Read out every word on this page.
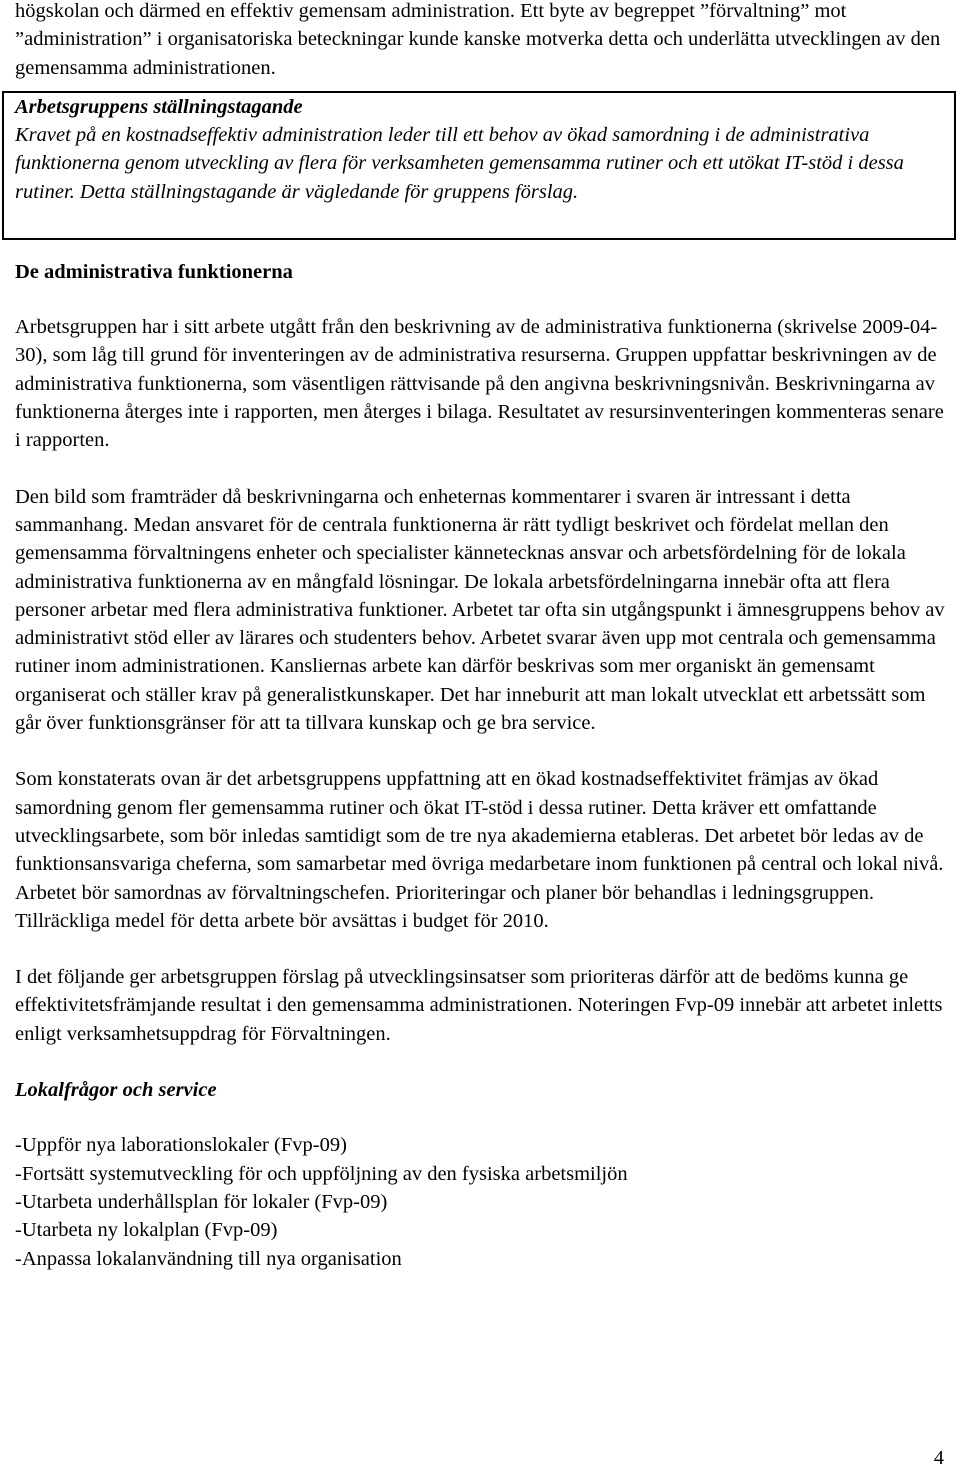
högskolan och därmed en effektiv gemensam administration. Ett byte av begreppet ”förvaltning” mot ”administration” i organisatoriska beteckningar kunde kanske motverka detta och underlätta utvecklingen av den gemensamma administrationen.

Arbetsgruppens ställningstagande

Kravet på en kostnadseffektiv administration leder till ett behov av ökad samordning i de administrativa funktionerna genom utveckling av flera för verksamheten gemensamma rutiner och ett utökat IT-stöd i dessa rutiner. Detta ställningstagande är vägledande för gruppens förslag.

De administrativa funktionerna

Arbetsgruppen har i sitt arbete utgått från den beskrivning av de administrativa funktionerna (skrivelse 2009-04-30), som låg till grund för inventeringen av de administrativa resurserna. Gruppen uppfattar beskrivningen av de administrativa funktionerna, som väsentligen rättvisande på den angivna beskrivningsnivån. Beskrivningarna av funktionerna återges inte i rapporten, men återges i bilaga. Resultatet av resursinventeringen kommenteras senare i rapporten.

Den bild som framträder då beskrivningarna och enheternas kommentarer i svaren är intressant i detta sammanhang. Medan ansvaret för de centrala funktionerna är rätt tydligt beskrivet och fördelat mellan den gemensamma förvaltningens enheter och specialister kännetecknas ansvar och arbetsfördelning för de lokala administrativa funktionerna av en mångfald lösningar. De lokala arbetsfördelningarna innebär ofta att flera personer arbetar med flera administrativa funktioner. Arbetet tar ofta sin utgångspunkt i ämnesgruppens behov av administrativt stöd eller av lärares och studenters behov. Arbetet svarar även upp mot centrala och gemensamma rutiner inom administrationen. Kansliernas arbete kan därför beskrivas som mer organiskt än gemensamt organiserat och ställer krav på generalistkunskaper. Det har inneburit att man lokalt utvecklat ett arbetssätt som går över funktionsgränser för att ta tillvara kunskap och ge bra service.

Som konstaterats ovan är det arbetsgruppens uppfattning att en ökad kostnadseffektivitet främjas av ökad samordning genom fler gemensamma rutiner och ökat IT-stöd i dessa rutiner. Detta kräver ett omfattande utvecklingsarbete, som bör inledas samtidigt som de tre nya akademierna etableras. Det arbetet bör ledas av de funktionsansvariga cheferna, som samarbetar med övriga medarbetare inom funktionen på central och lokal nivå. Arbetet bör samordnas av förvaltningschefen. Prioriteringar och planer bör behandlas i ledningsgruppen. Tillräckliga medel för detta arbete bör avsättas i budget för 2010.

I det följande ger arbetsgruppen förslag på utvecklingsinsatser som prioriteras därför att de bedöms kunna ge effektivitetsfrämjande resultat i den gemensamma administrationen. Noteringen Fvp-09 innebär att arbetet inletts enligt verksamhetsuppdrag för Förvaltningen.

Lokalfrågor och service
-Uppför nya laborationslokaler (Fvp-09)
-Fortsätt systemutveckling för och uppföljning av den fysiska arbetsmiljön
-Utarbeta underhållsplan för lokaler (Fvp-09)
-Utarbeta ny lokalplan (Fvp-09)
-Anpassa lokalanvändning till nya organisation
4
